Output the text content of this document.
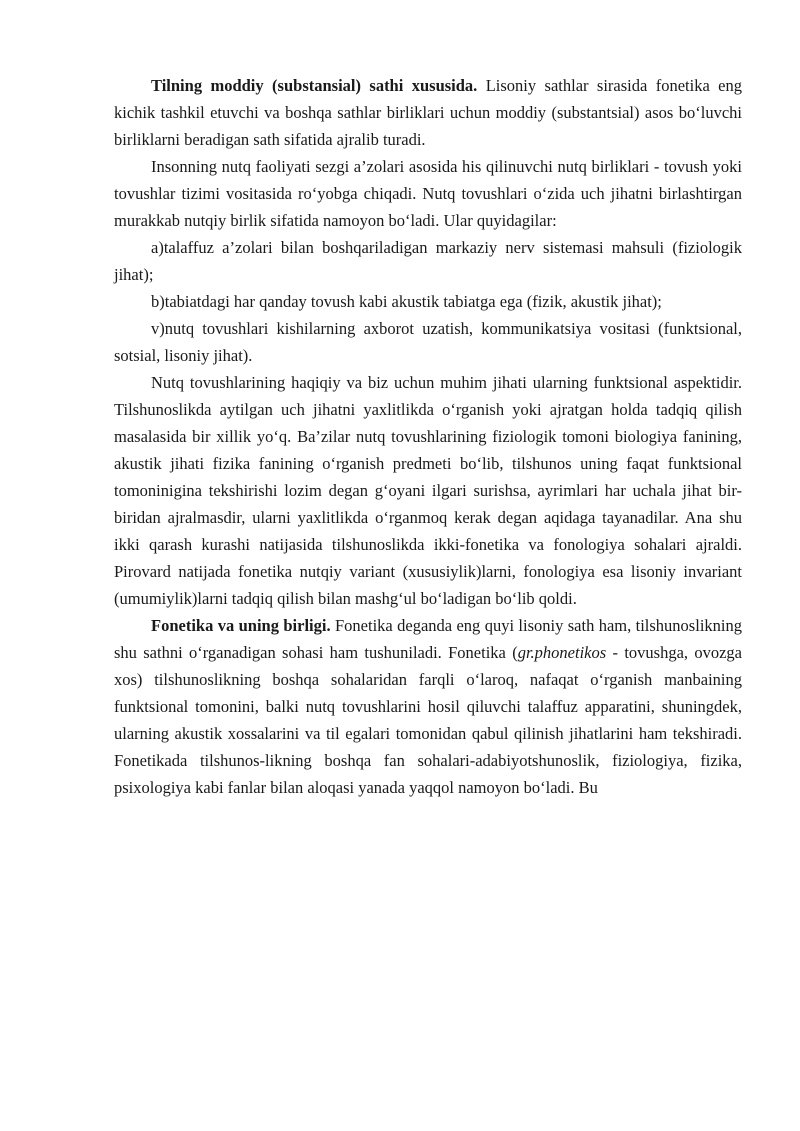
Tilning moddiy (substansial) sathi xususida. Lisoniy sathlar sirasida fonetika eng kichik tashkil etuvchi va boshqa sathlar birliklari uchun moddiy (substantsial) asos bo‘luvchi birliklarni beradigan sath sifatida ajralib turadi.

Insonning nutq faoliyati sezgi a’zolari asosida his qilinuvchi nutq birliklari - tovush yoki tovushlar tizimi vositasida ro‘yobga chiqadi. Nutq tovushlari o‘zida uch jihatni birlashtirgan murakkab nutqiy birlik sifatida namoyon bo‘ladi. Ular quyidagilar:

a)talaffuz a’zolari bilan boshqariladigan markaziy nerv sistemasi mahsuli (fiziologik jihat);

b)tabiatdagi har qanday tovush kabi akustik tabiatga ega (fizik, akustik jihat);

v)nutq tovushlari kishilarning axborot uzatish, kommunikatsiya vositasi (funktsional, sotsial, lisoniy jihat).

Nutq tovushlarining haqiqiy va biz uchun muhim jihati ularning funktsional aspektidir. Tilshunoslikda aytilgan uch jihatni yaxlitlikda o‘rganish yoki ajratgan holda tadqiq qilish masalasida bir xillik yo‘q. Ba’zilar nutq tovushlarining fiziologik tomoni biologiya fanining, akustik jihati fizika fanining o‘rganish predmeti bo‘lib, tilshunos uning faqat funktsional tomoninigina tekshirishi lozim degan g‘oyani ilgari surishsa, ayrimlari har uchala jihat bir-biridan ajralmasdir, ularni yaxlitlikda o‘rganmoq kerak degan aqidaga tayanadilar. Ana shu ikki qarash kurashi natijasida tilshunoslikda ikki-fonetika va fonologiya sohalari ajraldi. Pirovard natijada fonetika nutqiy variant (xususiylik)larni, fonologiya esa lisoniy invariant (umumiylik)larni tadqiq qilish bilan mashg‘ul bo‘ladigan bo‘lib qoldi.

Fonetika va uning birligi. Fonetika deganda eng quyi lisoniy sath ham, tilshunoslikning shu sathni o‘rganadigan sohasi ham tushuniladi. Fonetika (gr.phonetikos - tovushga, ovozga xos) tilshunoslikning boshqa sohalaridan farqli o‘laroq, nafaqat o‘rganish manbaining funktsional tomonini, balki nutq tovushlarini hosil qiluvchi talaffuz apparatini, shuningdek, ularning akustik xossalarini va til egalari tomonidan qabul qilinish jihatlarini ham tekshiradi. Fonetikada tilshunos-likning boshqa fan sohalari-adabiyotshunoslik, fiziologiya, fizika, psixologiya kabi fanlar bilan aloqasi yanada yaqqol namoyon bo‘ladi. Bu
